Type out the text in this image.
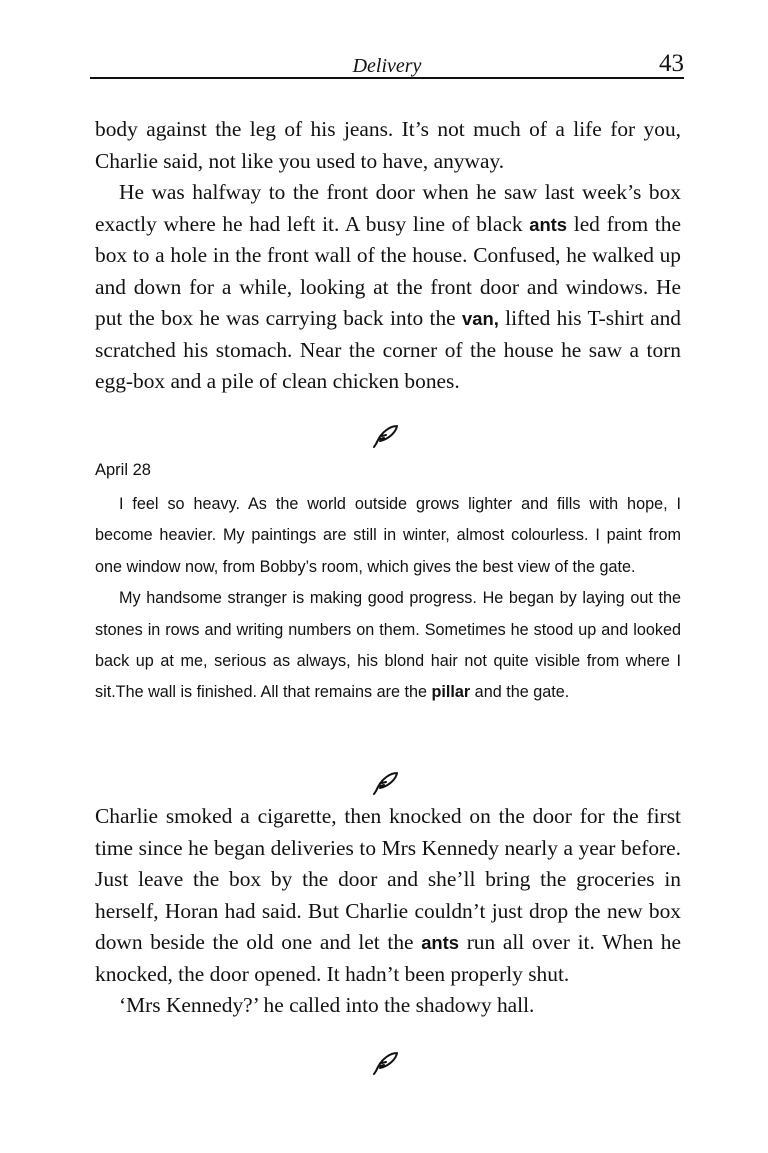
Delivery	43

body against the leg of his jeans. It’s not much of a life for you, Charlie said, not like you used to have, anyway.

He was halfway to the front door when he saw last week’s box exactly where he had left it. A busy line of black ants led from the box to a hole in the front wall of the house. Confused, he walked up and down for a while, looking at the front door and windows. He put the box he was carrying back into the van, lifted his T-shirt and scratched his stomach. Near the corner of the house he saw a torn egg-box and a pile of clean chicken bones.

April 28

I feel so heavy. As the world outside grows lighter and fills with hope, I become heavier. My paintings are still in winter, almost colourless. I paint from one window now, from Bobby’s room, which gives the best view of the gate.

My handsome stranger is making good progress. He began by laying out the stones in rows and writing numbers on them. Sometimes he stood up and looked back up at me, serious as always, his blond hair not quite visible from where I sit.The wall is finished. All that remains are the pillar and the gate.

Charlie smoked a cigarette, then knocked on the door for the first time since he began deliveries to Mrs Kennedy nearly a year before. Just leave the box by the door and she’ll bring the groceries in herself, Horan had said. But Charlie couldn’t just drop the new box down beside the old one and let the ants run all over it. When he knocked, the door opened. It hadn’t been properly shut.

‘Mrs Kennedy?’ he called into the shadowy hall.
